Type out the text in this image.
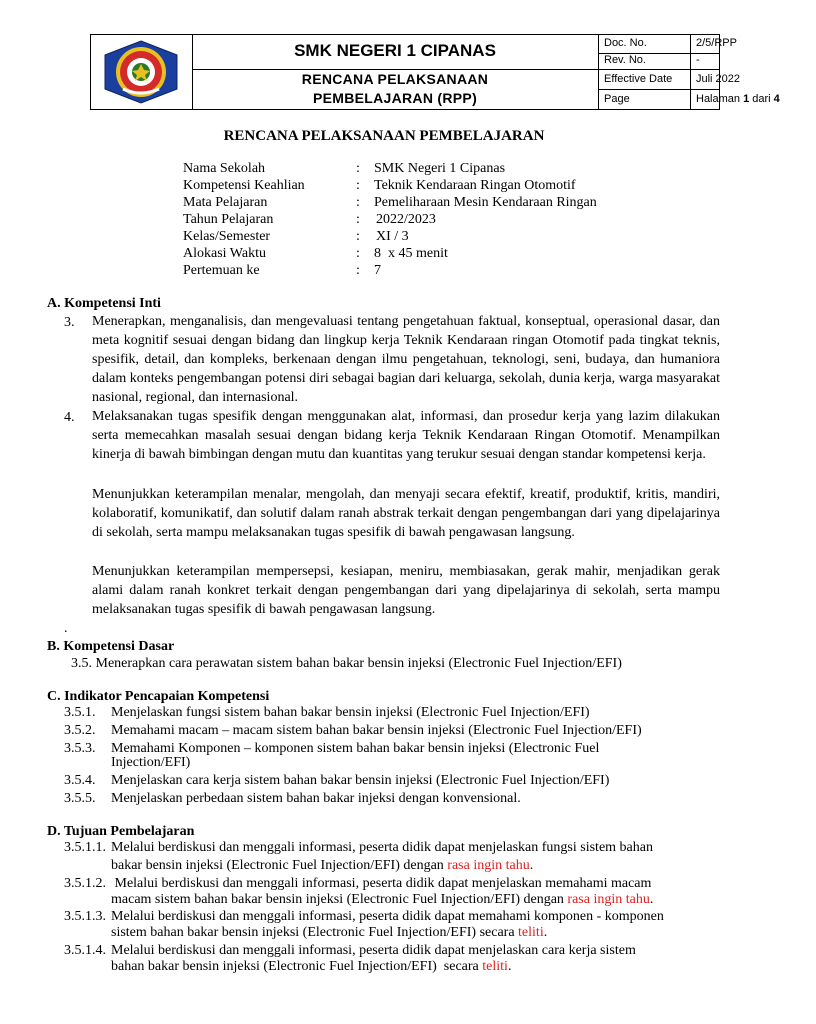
SMK NEGERI 1 CIPANAS
RENCANA PELAKSANAAN
PEMBELAJARAN (RPP)
Doc. No.	2/5/RPP
Rev. No.	-
Effective Date	Juli 2022
Page	Halaman 1 dari 4
RENCANA PELAKSANAAN PEMBELAJARAN
Nama Sekolah	: SMK Negeri 1 Cipanas
Kompetensi Keahlian	: Teknik Kendaraan Ringan Otomotif
Mata Pelajaran	: Pemeliharaan Mesin Kendaraan Ringan
Tahun Pelajaran	: 2022/2023
Kelas/Semester	: XI / 3
Alokasi Waktu	: 8  x 45 menit
Pertemuan ke	: 7
A. Kompetensi Inti
3. Menerapkan, menganalisis, dan mengevaluasi tentang pengetahuan faktual, konseptual, operasional dasar, dan meta kognitif sesuai dengan bidang dan lingkup kerja Teknik Kendaraan ringan Otomotif pada tingkat teknis, spesifik, detail, dan kompleks, berkenaan dengan ilmu pengetahuan, teknologi, seni, budaya, dan humaniora dalam konteks pengembangan potensi diri sebagai bagian dari keluarga, sekolah, dunia kerja, warga masyarakat nasional, regional, dan internasional.
4. Melaksanakan tugas spesifik dengan menggunakan alat, informasi, dan prosedur kerja yang lazim dilakukan serta memecahkan masalah sesuai dengan bidang kerja Teknik Kendaraan Ringan Otomotif. Menampilkan kinerja di bawah bimbingan dengan mutu dan kuantitas yang terukur sesuai dengan standar kompetensi kerja.
Menunjukkan keterampilan menalar, mengolah, dan menyaji secara efektif, kreatif, produktif, kritis, mandiri, kolaboratif, komunikatif, dan solutif dalam ranah abstrak terkait dengan pengembangan dari yang dipelajarinya di sekolah, serta mampu melaksanakan tugas spesifik di bawah pengawasan langsung.
Menunjukkan keterampilan mempersepsi, kesiapan, meniru, membiasakan, gerak mahir, menjadikan gerak alami dalam ranah konkret terkait dengan pengembangan dari yang dipelajarinya di sekolah, serta mampu melaksanakan tugas spesifik di bawah pengawasan langsung.
.
B. Kompetensi Dasar
3.5. Menerapkan cara perawatan sistem bahan bakar bensin injeksi (Electronic Fuel Injection/EFI)
C. Indikator Pencapaian Kompetensi
3.5.1. Menjelaskan fungsi sistem bahan bakar bensin injeksi (Electronic Fuel Injection/EFI)
3.5.2. Memahami macam – macam sistem bahan bakar bensin injeksi (Electronic Fuel Injection/EFI)
3.5.3. Memahami Komponen – komponen sistem bahan bakar bensin injeksi (Electronic Fuel
Injection/EFI)
3.5.4. Menjelaskan cara kerja sistem bahan bakar bensin injeksi (Electronic Fuel Injection/EFI)
3.5.5. Menjelaskan perbedaan sistem bahan bakar injeksi dengan konvensional.
D. Tujuan Pembelajaran
3.5.1.1. Melalui berdiskusi dan menggali informasi, peserta didik dapat menjelaskan fungsi sistem bahan
bakar bensin injeksi (Electronic Fuel Injection/EFI) dengan rasa ingin tahu.
3.5.1.2. Melalui berdiskusi dan menggali informasi, peserta didik dapat menjelaskan memahami macam
macam sistem bahan bakar bensin injeksi (Electronic Fuel Injection/EFI) dengan rasa ingin tahu.
3.5.1.3. Melalui berdiskusi dan menggali informasi, peserta didik dapat memahami komponen - komponen
sistem bahan bakar bensin injeksi (Electronic Fuel Injection/EFI) secara teliti.
3.5.1.4. Melalui berdiskusi dan menggali informasi, peserta didik dapat menjelaskan cara kerja sistem
bahan bakar bensin injeksi (Electronic Fuel Injection/EFI)  secara teliti.
